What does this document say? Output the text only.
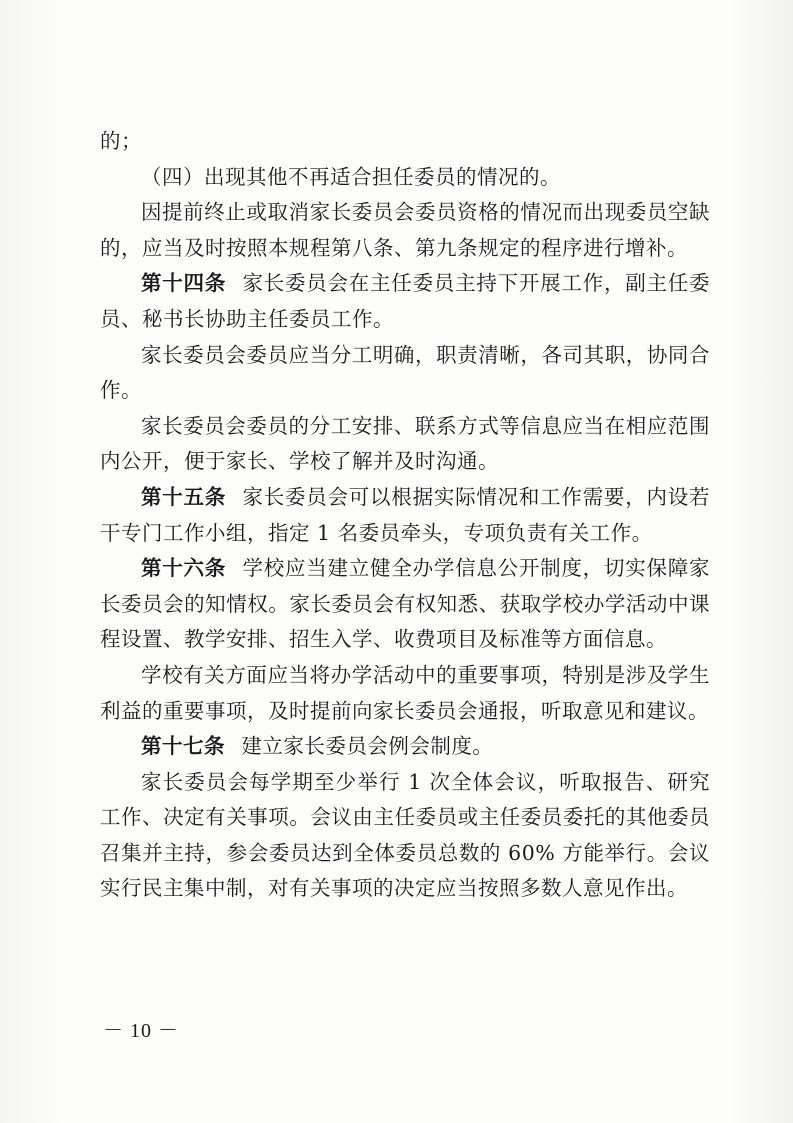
的；

（四）出现其他不再适合担任委员的情况的。

因提前终止或取消家长委员会委员资格的情况而出现委员空缺的，应当及时按照本规程第八条、第九条规定的程序进行增补。

第十四条 家长委员会在主任委员主持下开展工作，副主任委员、秘书长协助主任委员工作。

家长委员会委员应当分工明确，职责清晰，各司其职，协同合作。

家长委员会委员的分工安排、联系方式等信息应当在相应范围内公开，便于家长、学校了解并及时沟通。

第十五条 家长委员会可以根据实际情况和工作需要，内设若干专门工作小组，指定 1 名委员牵头，专项负责有关工作。

第十六条 学校应当建立健全办学信息公开制度，切实保障家长委员会的知情权。家长委员会有权知悉、获取学校办学活动中课程设置、教学安排、招生入学、收费项目及标准等方面信息。

学校有关方面应当将办学活动中的重要事项，特别是涉及学生利益的重要事项，及时提前向家长委员会通报，听取意见和建议。

第十七条 建立家长委员会例会制度。

家长委员会每学期至少举行 1 次全体会议，听取报告、研究工作、决定有关事项。会议由主任委员或主任委员委托的其他委员召集并主持，参会委员达到全体委员总数的 60% 方能举行。会议实行民主集中制，对有关事项的决定应当按照多数人意见作出。

－ 10 －
